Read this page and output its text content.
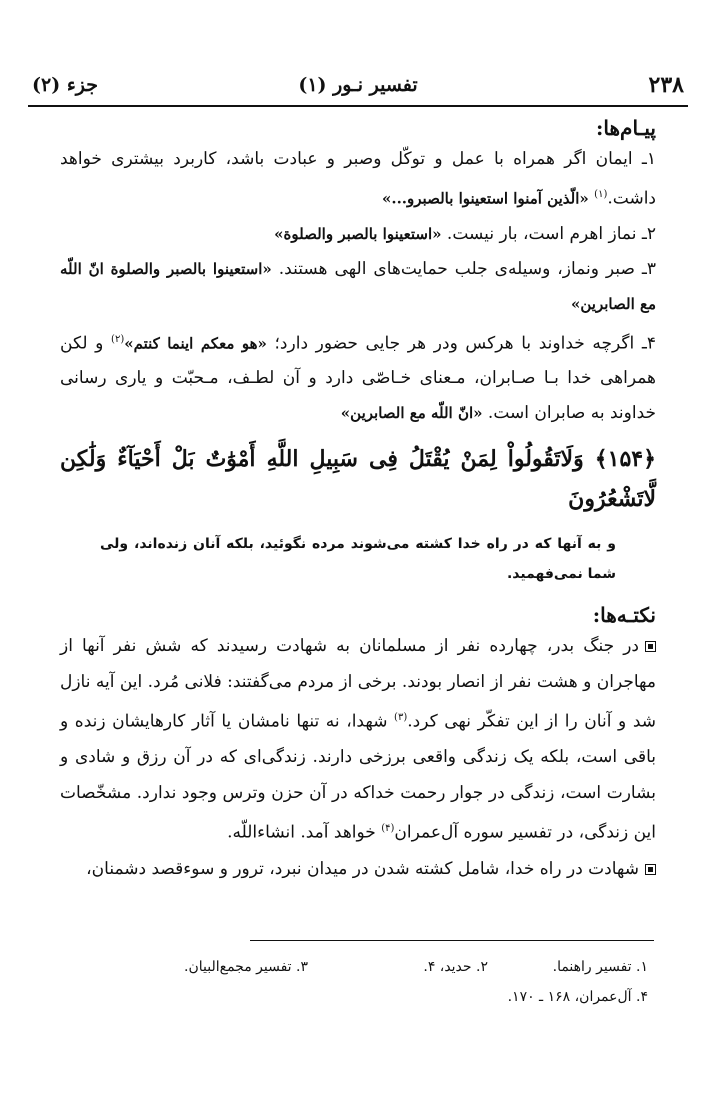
۲۳۸
تفسیر نـور (۱)
جزء (۲)
پیـام‌ها:
۱ـ ایمان اگر همراه با عمل و توکّل وصبر و عبادت باشد، کاربرد بیشتری خواهد داشت.$^{(۱)}$ «الّذین آمنوا استعینوا بالصبرو...»
۲ـ نماز اهرم است، بار نیست. «استعینوا بالصبر والصلوة»
۳ـ صبر ونماز، وسیله‌ی جلب حمایت‌های الهی هستند. «استعینوا بالصبر والصلوة انّ اللّه مع الصابرین»
۴ـ اگرچه خداوند با هرکس ودر هر جایی حضور دارد؛ «هو معکم اینما کنتم»$^{(۲)}$ و لکن همراهی خدا بـا صـابران، مـعنای خـاصّی دارد و آن لطـف، مـحبّت و یاری رسانی خداوند به صابران است. «انّ اللّه مع الصابرین»
﴿۱۵۴﴾ وَلَاتَقُولُواْ لِمَنْ يُقْتَلُ فِى سَبِيلِ اللَّهِ أَمْوَٰتٌ بَلْ أَحْيَآءٌ وَلَٰكِن لَّاتَشْعُرُونَ
و به آنها که در راه خدا کشته می‌شوند مرده نگوئید، بلکه آنان زنده‌اند، ولی شما نمی‌فهمید.
نکتـه‌ها:
در جنگ بدر، چهارده نفر از مسلمانان به شهادت رسیدند که شش نفر آنها از مهاجران و هشت نفر از انصار بودند. برخی از مردم می‌گفتند: فلانی مُرد. این آیه نازل شد و آنان را از این تفکّر نهی کرد.$^{(۳)}$ شهدا، نه تنها نامشان یا آثار کارهایشان زنده و باقی است، بلکه یک زندگی واقعی برزخی دارند. زندگی‌ای که در آن رزق و شادی و بشارت است، زندگی در جوار رحمت خداکه در آن حزن وترس وجود ندارد. مشخّصات این زندگی، در تفسیر سوره آل‌عمران$^{(۴)}$ خواهد آمد. انشاءاللّه.
شهادت در راه خدا، شامل کشته شدن در میدان نبرد، ترور و سوءقصد دشمنان،
۱. تفسیر راهنما.
۲. حدید، ۴.
۳. تفسیر مجمع‌البیان.
۴. آل‌عمران، ۱۶۸ ـ ۱۷۰.
